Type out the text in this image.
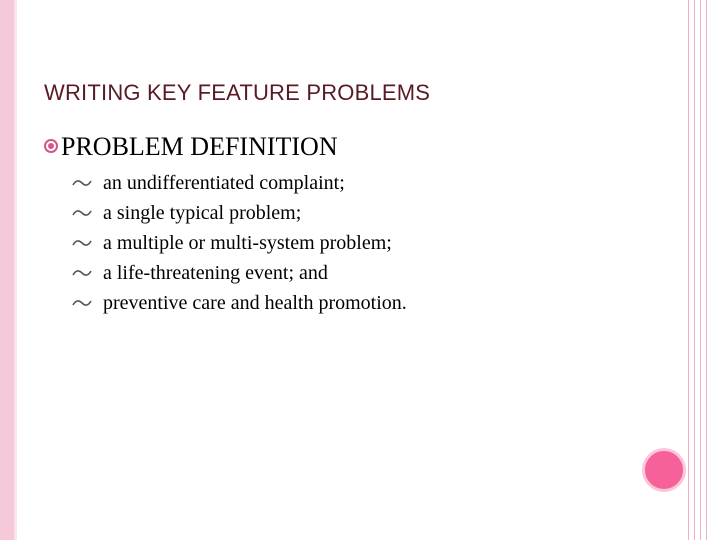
WRITING KEY FEATURE PROBLEMS
PROBLEM DEFINITION
an undifferentiated complaint;
a single typical problem;
a multiple or multi‐system problem;
a life‐threatening event; and
preventive care and health promotion.
